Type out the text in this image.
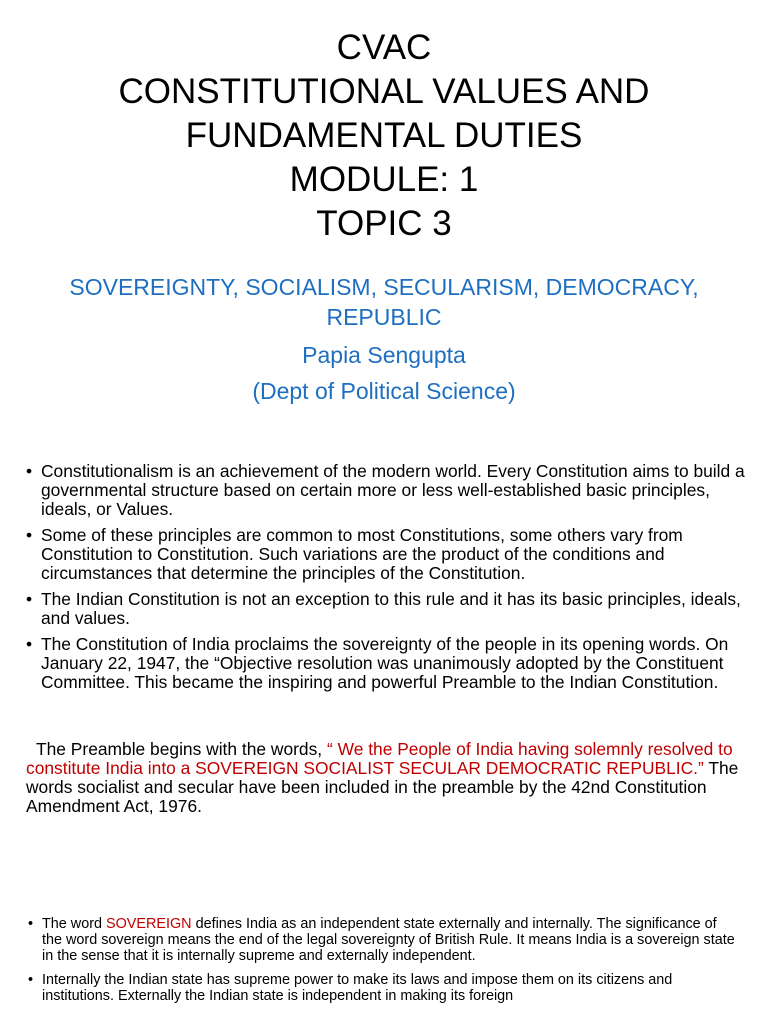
CVAC
CONSTITUTIONAL VALUES AND
FUNDAMENTAL DUTIES
MODULE: 1
TOPIC 3
SOVEREIGNTY, SOCIALISM, SECULARISM, DEMOCRACY, REPUBLIC
Papia Sengupta
(Dept of Political Science)
• Constitutionalism is an achievement of the modern world. Every Constitution aims to build a governmental structure based on certain more or less well-established basic principles, ideals, or Values.
• Some of these principles are common to most Constitutions, some others vary from Constitution to Constitution. Such variations are the product of the conditions and circumstances that determine the principles of the Constitution.
• The Indian Constitution is not an exception to this rule and it has its basic principles, ideals, and values.
• The Constitution of India proclaims the sovereignty of the people in its opening words. On January 22, 1947, the “Objective resolution was unanimously adopted by the Constituent Committee. This became the inspiring and powerful Preamble to the Indian Constitution.
The Preamble begins with the words, “ We the People of India having solemnly resolved to constitute India into a SOVEREIGN SOCIALIST SECULAR DEMOCRATIC REPUBLIC.” The words socialist and secular have been included in the preamble by the 42nd Constitution Amendment Act, 1976.
• The word SOVEREIGN defines India as an independent state externally and internally. The significance of the word sovereign means the end of the legal sovereignty of British Rule. It means India is a sovereign state in the sense that it is internally supreme and externally independent.
• Internally the Indian state has supreme power to make its laws and impose them on its citizens and institutions. Externally the Indian state is independent in making its foreign
